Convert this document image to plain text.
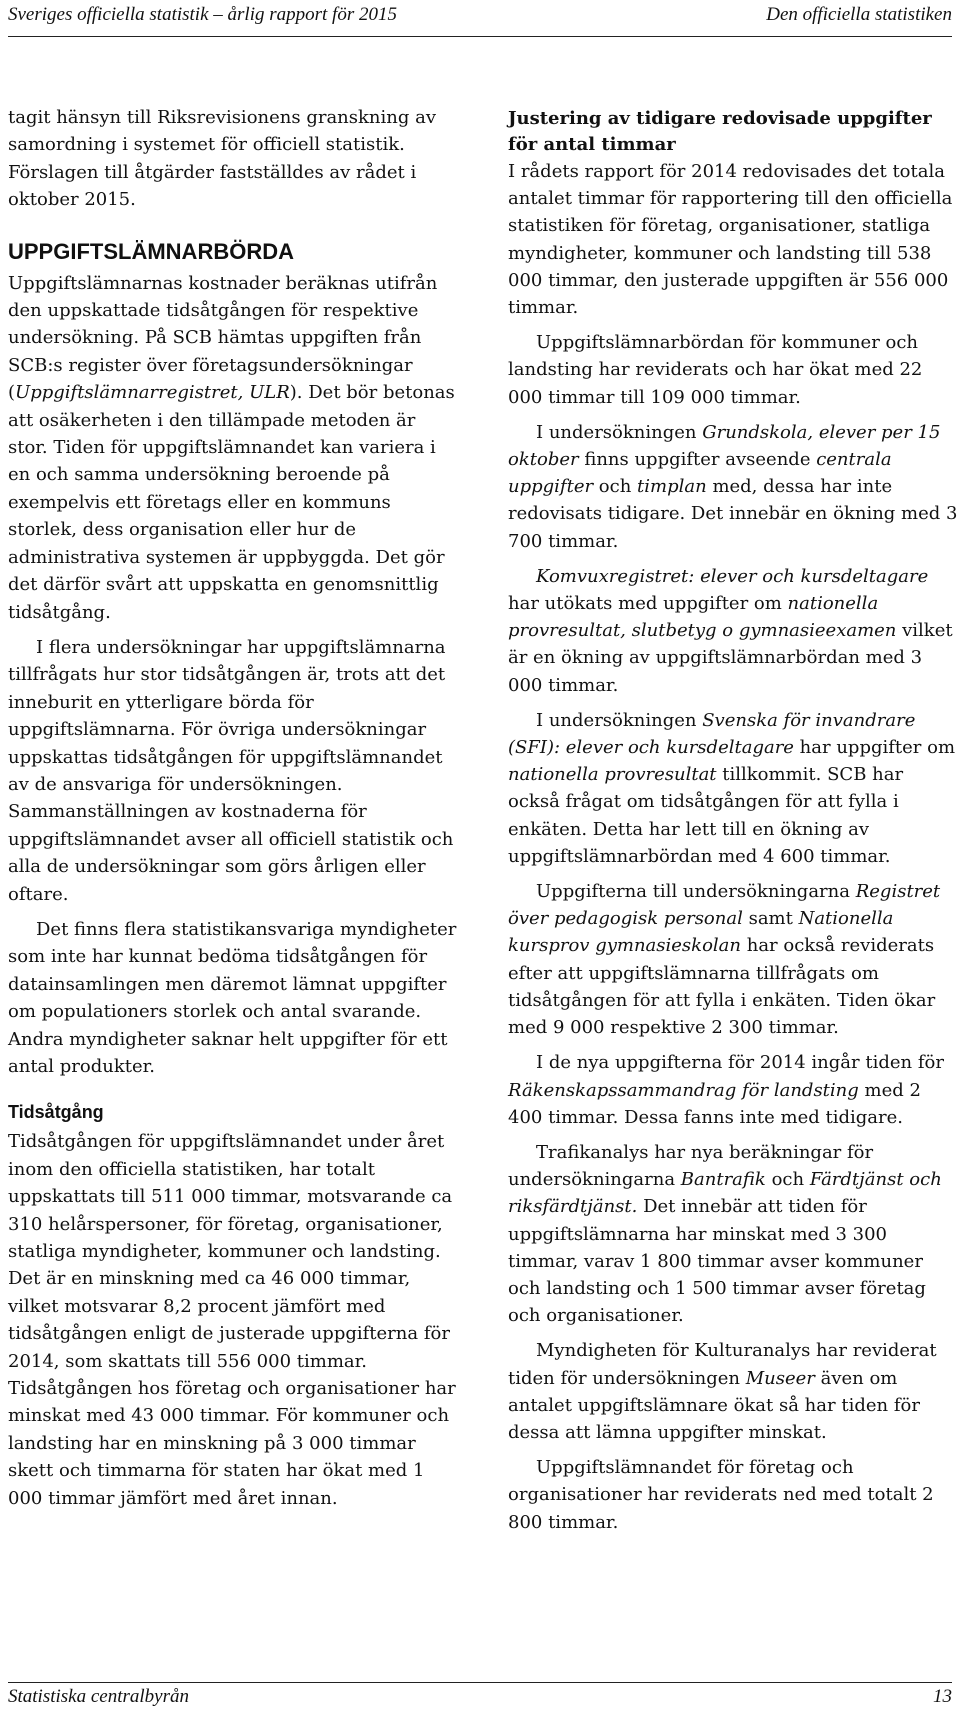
Sveriges officiella statistik – årlig rapport för 2015	Den officiella statistiken

tagit hänsyn till Riksrevisionens granskning av samordning i systemet för officiell statistik. Förslagen till åtgärder fastställdes av rådet i oktober 2015.

UPPGIFTSLÄMNARBÖRDA

Uppgiftslämnarnas kostnader beräknas utifrån den uppskattade tidsåtgången för respektive undersökning. På SCB hämtas uppgiften från SCB:s register över företagsundersökningar (Uppgiftslämnarregistret, ULR). Det bör betonas att osäkerheten i den tillämpade metoden är stor. Tiden för uppgiftslämnandet kan variera i en och samma undersökning beroende på exempelvis ett företags eller en kommuns storlek, dess organisation eller hur de administrativa systemen är uppbyggda. Det gör det därför svårt att uppskatta en genomsnittlig tidsåtgång.

I flera undersökningar har uppgiftslämnarna tillfrågats hur stor tidsåtgången är, trots att det inneburit en ytterligare börda för uppgiftslämnarna. För övriga undersökningar uppskattas tidsåtgången för uppgiftslämnandet av de ansvariga för undersökningen. Sammanställningen av kostnaderna för uppgiftslämnandet avser all officiell statistik och alla de undersökningar som görs årligen eller oftare.

Det finns flera statistikansvariga myndigheter som inte har kunnat bedöma tidsåtgången för datainsamlingen men däremot lämnat uppgifter om populationers storlek och antal svarande. Andra myndigheter saknar helt uppgifter för ett antal produkter.

Tidsåtgång

Tidsåtgången för uppgiftslämnandet under året inom den officiella statistiken, har totalt uppskattats till 511 000 timmar, motsvarande ca 310 helårspersoner, för företag, organisationer, statliga myndigheter, kommuner och landsting. Det är en minskning med ca 46 000 timmar, vilket motsvarar 8,2 procent jämfört med tidsåtgången enligt de justerade uppgifterna för 2014, som skattats till 556 000 timmar. Tidsåtgången hos företag och organisationer har minskat med 43 000 timmar. För kommuner och landsting har en minskning på 3 000 timmar skett och timmarna för staten har ökat med 1 000 timmar jämfört med året innan.

Justering av tidigare redovisade uppgifter för antal timmar

I rådets rapport för 2014 redovisades det totala antalet timmar för rapportering till den officiella statistiken för företag, organisationer, statliga myndigheter, kommuner och landsting till 538 000 timmar, den justerade uppgiften är 556 000 timmar.

Uppgiftslämnarbördan för kommuner och landsting har reviderats och har ökat med 22 000 timmar till 109 000 timmar.

I undersökningen Grundskola, elever per 15 oktober finns uppgifter avseende centrala uppgifter och timplan med, dessa har inte redovisats tidigare. Det innebär en ökning med 3 700 timmar.

Komvuxregistret: elever och kursdeltagare har utökats med uppgifter om nationella provresultat, slutbetyg o gymnasieexamen vilket är en ökning av uppgiftslämnarbördan med 3 000 timmar.

I undersökningen Svenska för invandrare (SFI): elever och kursdeltagare har uppgifter om nationella provresultat tillkommit. SCB har också frågat om tidsåtgången för att fylla i enkäten. Detta har lett till en ökning av uppgiftslämnarbördan med 4 600 timmar.

Uppgifterna till undersökningarna Registret över pedagogisk personal samt Nationella kursprov gymnasieskolan har också reviderats efter att uppgiftslämnarna tillfrågats om tidsåtgången för att fylla i enkäten. Tiden ökar med 9 000 respektive 2 300 timmar.

I de nya uppgifterna för 2014 ingår tiden för Räkenskapssammandrag för landsting med 2 400 timmar. Dessa fanns inte med tidigare.

Trafikanalys har nya beräkningar för undersökningarna Bantrafik och Färdtjänst och riksfärdtjänst. Det innebär att tiden för uppgiftslämnarna har minskat med 3 300 timmar, varav 1 800 timmar avser kommuner och landsting och 1 500 timmar avser företag och organisationer.

Myndigheten för Kulturanalys har reviderat tiden för undersökningen Museer även om antalet uppgiftslämnare ökat så har tiden för dessa att lämna uppgifter minskat.

Uppgiftslämnandet för företag och organisationer har reviderats ned med totalt 2 800 timmar.

Statistiska centralbyrån	13
